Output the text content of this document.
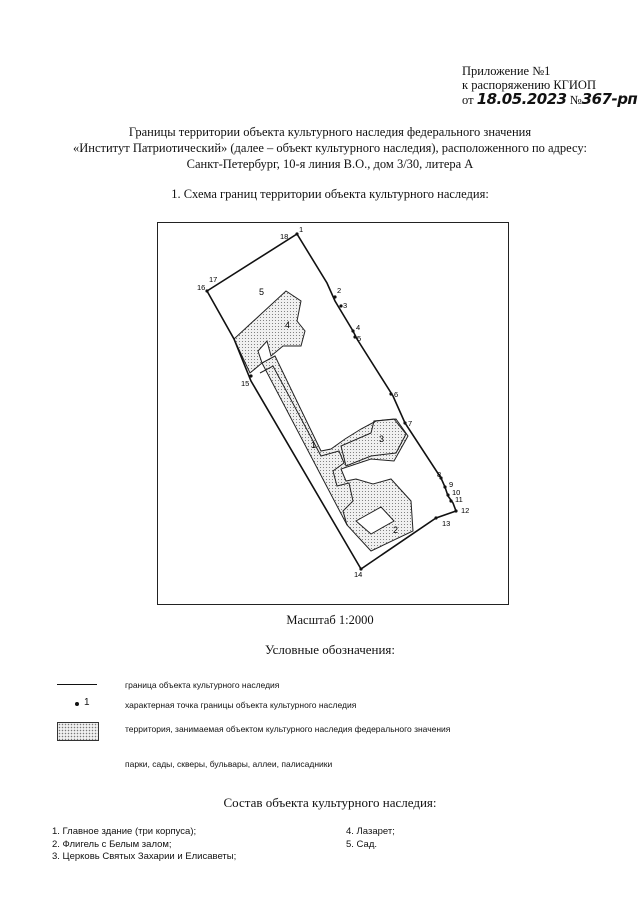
Приложение №1
к распоряжению КГИОП
от 18.05.2023 №367-рп
Границы территории объекта культурного наследия федерального значения
«Институт Патриотический» (далее – объект культурного наследия), расположенного по адресу:
Санкт-Петербург, 10-я линия В.О., дом 3/30, литера А
1. Схема границ территории объекта культурного наследия:
5
4
1
3
2
1
18
2
3
4
5
6
7
8
9
10
11
12
13
14
15
16
17
Масштаб 1:2000
Условные обозначения:
граница объекта культурного наследия
1	характерная точка границы объекта культурного наследия
территория, занимаемая объектом культурного наследия федерального значения
парки, сады, скверы, бульвары, аллеи, палисадники
Состав объекта культурного наследия:
1. Главное здание (три корпуса);
2. Флигель с Белым залом;
3. Церковь Святых Захарии и Елисаветы;
4. Лазарет;
5. Сад.
